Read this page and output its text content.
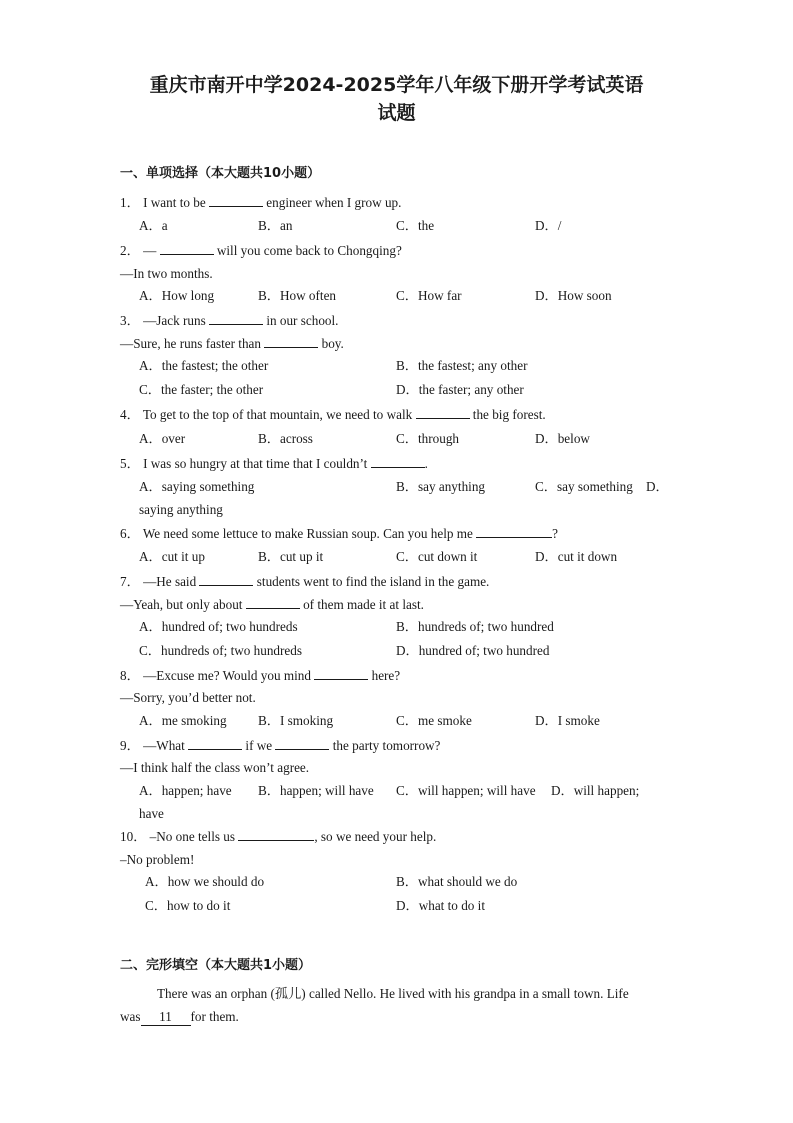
重庆市南开中学2024-2025学年八年级下册开学考试英语
试题
一、单项选择（本大题共10小题）
1． I want to be	engineer when I grow up.
A．a	B．an	C．the	D．/
2． —	will you come back to Chongqing?
—In two months.
A．How long	B．How often	C．How far	D．How soon
3． —Jack runs	in our school.
—Sure, he runs faster than	boy.
A．the fastest; the other	B．the fastest; any other
C．the faster; the other	D．the faster; any other
4． To get to the top of that mountain, we need to walk	the big forest.
A．over	B．across	C．through	D．below
5． I was so hungry at that time that I couldn’t	.
A．saying something	B．say anything	C．say something D．
saying anything
6． We need some lettuce to make Russian soup. Can you help me	?
A．cut it up	B．cut up it	C．cut down it	D．cut it down
7． —He said	students went to find the island in the game.
—Yeah, but only about	of them made it at last.
A．hundred of; two hundreds	B．hundreds of; two hundred
C．hundreds of; two hundreds	D．hundred of; two hundred
8． —Excuse me? Would you mind	here?
—Sorry, you’d better not.
A．me smoking B．I smoking	C．me smoke	D．I smoke
9． —What	if we	the party tomorrow?
—I think half the class won’t agree.
A．happen; have B．happen; will have C．will happen; will have D．will happen;
have
10． –No one tells us	, so we need your help.
–No problem!
A．how we should do	B．what should we do
C．how to do it	D．what to do it
二、完形填空（本大题共1小题）
There was an orphan (孤儿) called Nello. He lived with his grandpa in a small town. Life
was 11 for them.
